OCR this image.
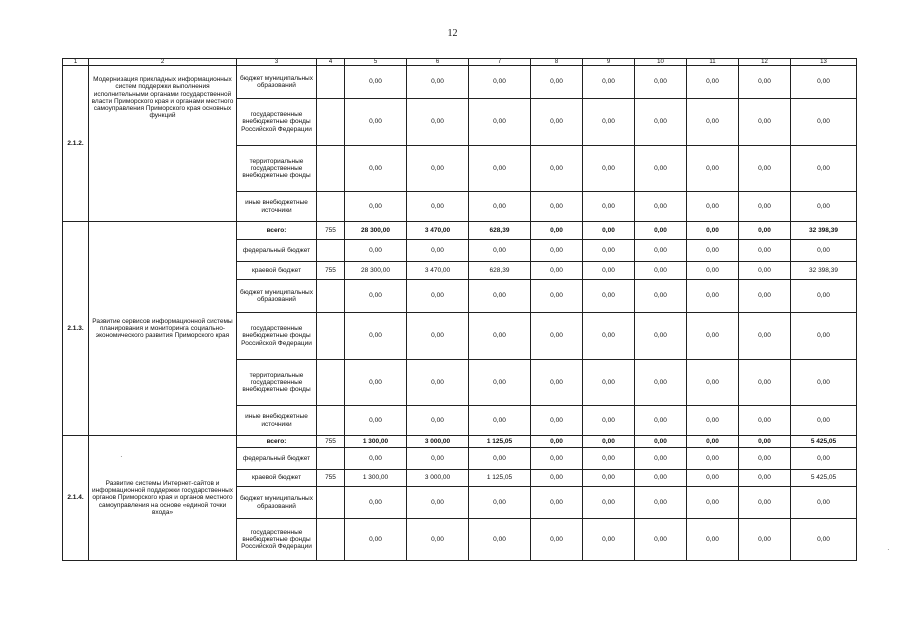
12
1	2	3	4	5	6	7	8	9	10	11	12	13
2.1.2.	Модернизация прикладных информационных систем поддержки выполнения исполнительными органами государственной власти Приморского края и органами местного самоуправления Приморского края основных функций	бюджет муниципальных образований		0,00	0,00	0,00	0,00	0,00	0,00	0,00	0,00	0,00
		государственные внебюджетные фонды Российской Федерации		0,00	0,00	0,00	0,00	0,00	0,00	0,00	0,00	0,00
		территориальные государственные внебюджетные фонды		0,00	0,00	0,00	0,00	0,00	0,00	0,00	0,00	0,00
		иные внебюджетные источники		0,00	0,00	0,00	0,00	0,00	0,00	0,00	0,00	0,00
2.1.3.	Развитие сервисов информационной системы планирования и мониторинга социально-экономического развития Приморского края	всего:	755	28 300,00	3 470,00	628,39	0,00	0,00	0,00	0,00	0,00	32 398,39
		федеральный бюджет		0,00	0,00	0,00	0,00	0,00	0,00	0,00	0,00	0,00
		краевой бюджет	755	28 300,00	3 470,00	628,39	0,00	0,00	0,00	0,00	0,00	32 398,39
		бюджет муниципальных образований		0,00	0,00	0,00	0,00	0,00	0,00	0,00	0,00	0,00
		государственные внебюджетные фонды Российской Федерации		0,00	0,00	0,00	0,00	0,00	0,00	0,00	0,00	0,00
		территориальные государственные внебюджетные фонды		0,00	0,00	0,00	0,00	0,00	0,00	0,00	0,00	0,00
		иные внебюджетные источники		0,00	0,00	0,00	0,00	0,00	0,00	0,00	0,00	0,00
2.1.4.	Развитие системы Интернет-сайтов и информационной поддержки государственных органов Приморского края и органов местного самоуправления на основе «единой точки входа»	всего:	755	1 300,00	3 000,00	1 125,05	0,00	0,00	0,00	0,00	0,00	5 425,05
		федеральный бюджет		0,00	0,00	0,00	0,00	0,00	0,00	0,00	0,00	0,00
		краевой бюджет	755	1 300,00	3 000,00	1 125,05	0,00	0,00	0,00	0,00	0,00	5 425,05
		бюджет муниципальных образований		0,00	0,00	0,00	0,00	0,00	0,00	0,00	0,00	0,00
		государственные внебюджетные фонды Российской Федерации		0,00	0,00	0,00	0,00	0,00	0,00	0,00	0,00	0,00
·
·
